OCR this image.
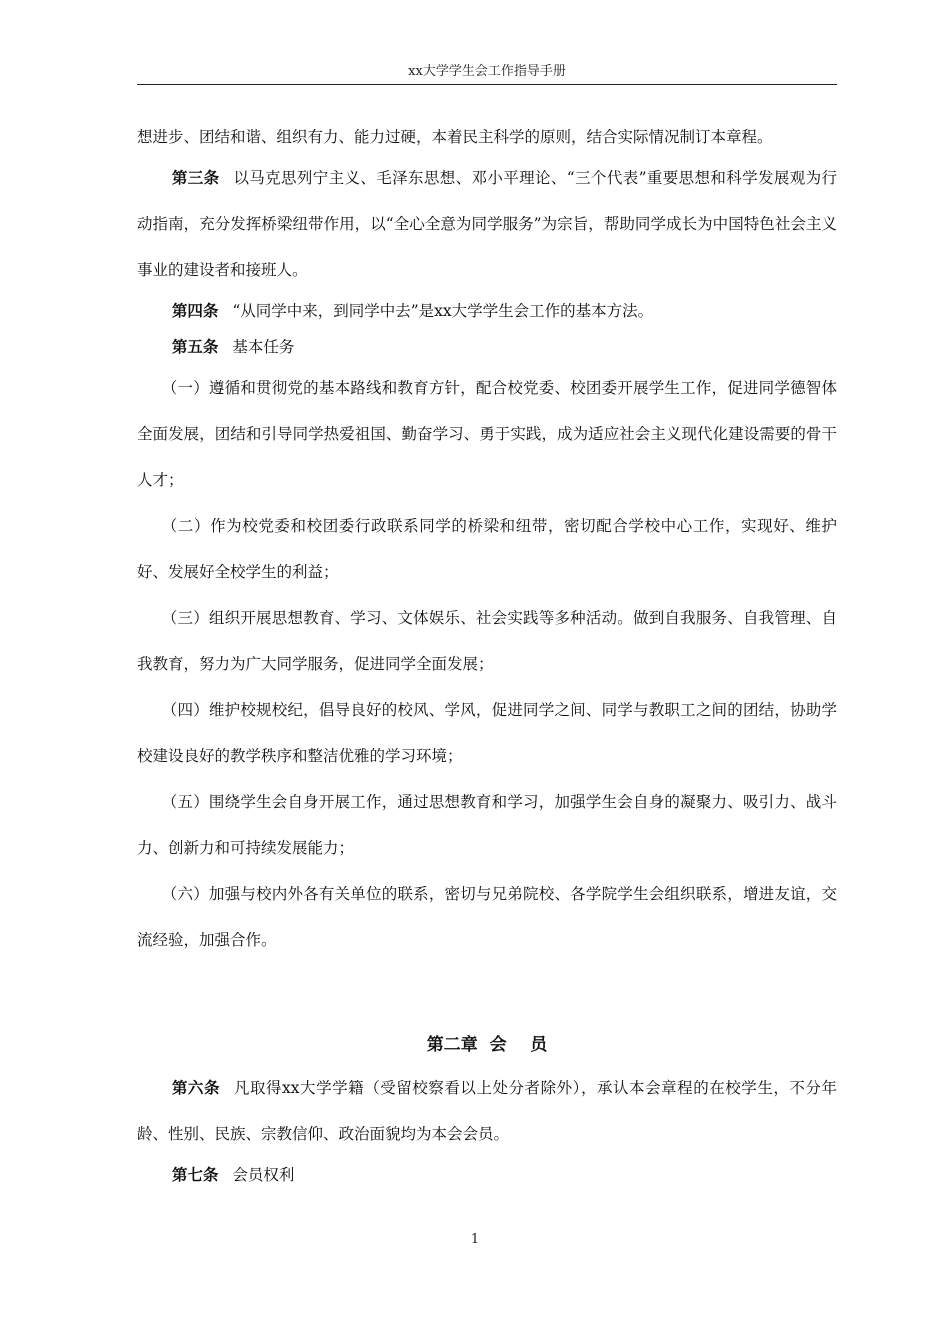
xx大学学生会工作指导手册

想进步、团结和谐、组织有力、能力过硬，本着民主科学的原则，结合实际情况制订本章程。

第三条 以马克思列宁主义、毛泽东思想、邓小平理论、“三个代表”重要思想和科学发展观为行动指南，充分发挥桥梁纽带作用，以“全心全意为同学服务”为宗旨，帮助同学成长为中国特色社会主义事业的建设者和接班人。

第四条 “从同学中来，到同学中去”是xx大学学生会工作的基本方法。

第五条 基本任务

（一）遵循和贯彻党的基本路线和教育方针，配合校党委、校团委开展学生工作，促进同学德智体全面发展，团结和引导同学热爱祖国、勤奋学习、勇于实践，成为适应社会主义现代化建设需要的骨干人才；

（二）作为校党委和校团委行政联系同学的桥梁和纽带，密切配合学校中心工作，实现好、维护好、发展好全校学生的利益；

（三）组织开展思想教育、学习、文体娱乐、社会实践等多种活动。做到自我服务、自我管理、自我教育，努力为广大同学服务，促进同学全面发展；

（四）维护校规校纪，倡导良好的校风、学风，促进同学之间、同学与教职工之间的团结，协助学校建设良好的教学秩序和整洁优雅的学习环境；

（五）围绕学生会自身开展工作，通过思想教育和学习，加强学生会自身的凝聚力、吸引力、战斗力、创新力和可持续发展能力；

（六）加强与校内外各有关单位的联系，密切与兄弟院校、各学院学生会组织联系，增进友谊，交流经验，加强合作。

第二章  会    员

第六条 凡取得xx大学学籍（受留校察看以上处分者除外），承认本会章程的在校学生，不分年龄、性别、民族、宗教信仰、政治面貌均为本会会员。

第七条 会员权利

1
